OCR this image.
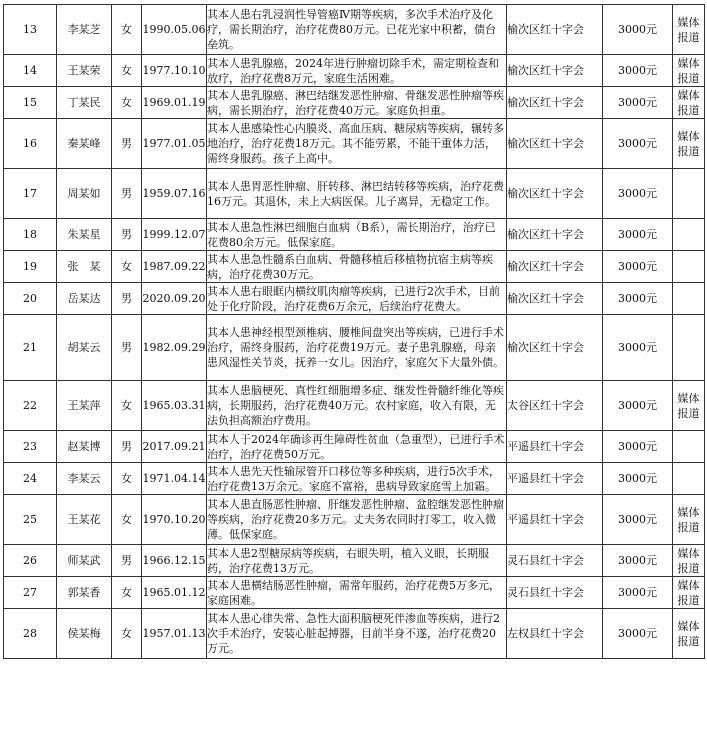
13	李某芝	女	1990.05.06	其本人患右乳浸润性导管癌Ⅳ期等疾病，多次手术治疗及化疗，需长期治疗，治疗花费80万元。已花光家中积蓄，债台垒筑。	榆次区红十字会	3000元	媒体报道
14	王某荣	女	1977.10.10	其本人患乳腺癌，2024年进行肿瘤切除手术，需定期检查和放疗，治疗花费8万元，家庭生活困难。	榆次区红十字会	3000元	媒体报道
15	丁某民	女	1969.01.19	其本人患乳腺癌、淋巴结继发恶性肿瘤、骨继发恶性肿瘤等疾病，需长期治疗，治疗花费40万元。家庭负担重。	榆次区红十字会	3000元	媒体报道
16	秦某峰	男	1977.01.05	其本人患感染性心内膜炎、高血压病、糖尿病等疾病，辗转多地治疗，治疗花费18万元。其不能劳累，不能干重体力活，需终身服药。孩子上高中。	榆次区红十字会	3000元	媒体报道
17	周某如	男	1959.07.16	其本人患胃恶性肿瘤、肝转移、淋巴结转移等疾病，治疗花费16万元。其退休，未上大病医保。儿子离异，无稳定工作。	榆次区红十字会	3000元	
18	朱某星	男	1999.12.07	其本人患急性淋巴细胞白血病（B系），需长期治疗，治疗已花费80余万元。低保家庭。	榆次区红十字会	3000元	
19	张　某	女	1987.09.22	其本人患急性髓系白血病、骨髓移植后移植物抗宿主病等疾病，治疗花费30万元。	榆次区红十字会	3000元	
20	岳某达	男	2020.09.20	其本人患右眼眶内横纹肌肉瘤等疾病，已进行2次手术，目前处于化疗阶段，治疗花费6万余元，后续治疗花费大。	榆次区红十字会	3000元	
21	胡某云	男	1982.09.29	其本人患神经根型颈椎病、腰椎间盘突出等疾病，已进行手术治疗，需终身服药，治疗花费19万元。妻子患乳腺癌，母亲患风湿性关节炎，抚养一女儿。因治疗，家庭欠下大量外债。	榆次区红十字会	3000元	
22	王某萍	女	1965.03.31	其本人患脑梗死、真性红细胞增多症、继发性骨髓纤维化等疾病，长期服药，治疗花费40万元。农村家庭，收入有限，无法负担高额治疗费用。	太谷区红十字会	3000元	媒体报道
23	赵某博	男	2017.09.21	其本人于2024年确诊再生障碍性贫血（急重型），已进行手术治疗，治疗花费50万元。	平遥县红十字会	3000元	
24	李某云	女	1971.04.14	其本人患先天性输尿管开口移位等多种疾病，进行5次手术，治疗花费13万余元。家庭不富裕，患病导致家庭雪上加霜。	平遥县红十字会	3000元	
25	王某花	女	1970.10.20	其本人患直肠恶性肿瘤、肝继发恶性肿瘤、盆腔继发恶性肿瘤等疾病，治疗花费20多万元。丈夫务农同时打零工，收入微薄。低保家庭。	平遥县红十字会	3000元	媒体报道
26	师某武	男	1966.12.15	其本人患2型糖尿病等疾病，右眼失明，植入义眼，长期服药，治疗花费13万元。	灵石县红十字会	3000元	媒体报道
27	郭某香	女	1965.01.12	其本人患横结肠恶性肿瘤，需常年服药，治疗花费5万多元，家庭困难。	灵石县红十字会	3000元	媒体报道
28	侯某梅	女	1957.01.13	其本人患心律失常、急性大面积脑梗死伴渗血等疾病，进行2次手术治疗，安装心脏起搏器，目前半身不遂，治疗花费20万元。	左权县红十字会	3000元	媒体报道
